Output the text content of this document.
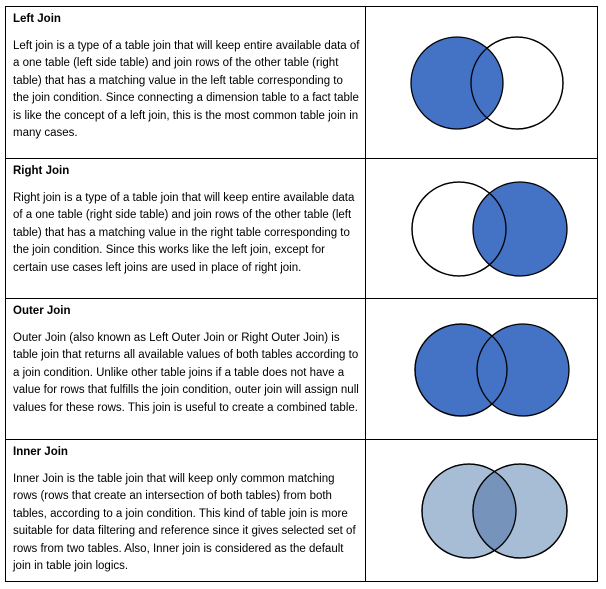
Left Join

Left join is a type of a table join that will keep entire available data of a one table (left side table) and join rows of the other table (right table) that has a matching value in the left table corresponding to the join condition. Since connecting a dimension table to a fact table is like the concept of a left join, this is the most common table join in many cases.

Right Join

Right join is a type of a table join that will keep entire available data of a one table (right side table) and join rows of the other table (left table) that has a matching value in the right table corresponding to the join condition. Since this works like the left join, except for certain use cases left joins are used in place of right join.

Outer Join

Outer Join (also known as Left Outer Join or Right Outer Join) is table join that returns all available values of both tables according to a join condition. Unlike other table joins if a table does not have a value for rows that fulfills the join condition, outer join will assign null values for these rows. This join is useful to create a combined table.

Inner Join

Inner Join is the table join that will keep only common matching rows (rows that create an intersection of both tables) from both tables, according to a join condition. This kind of table join is more suitable for data filtering and reference since it gives selected set of rows from two tables. Also, Inner join is considered as the default join in table join logics.
